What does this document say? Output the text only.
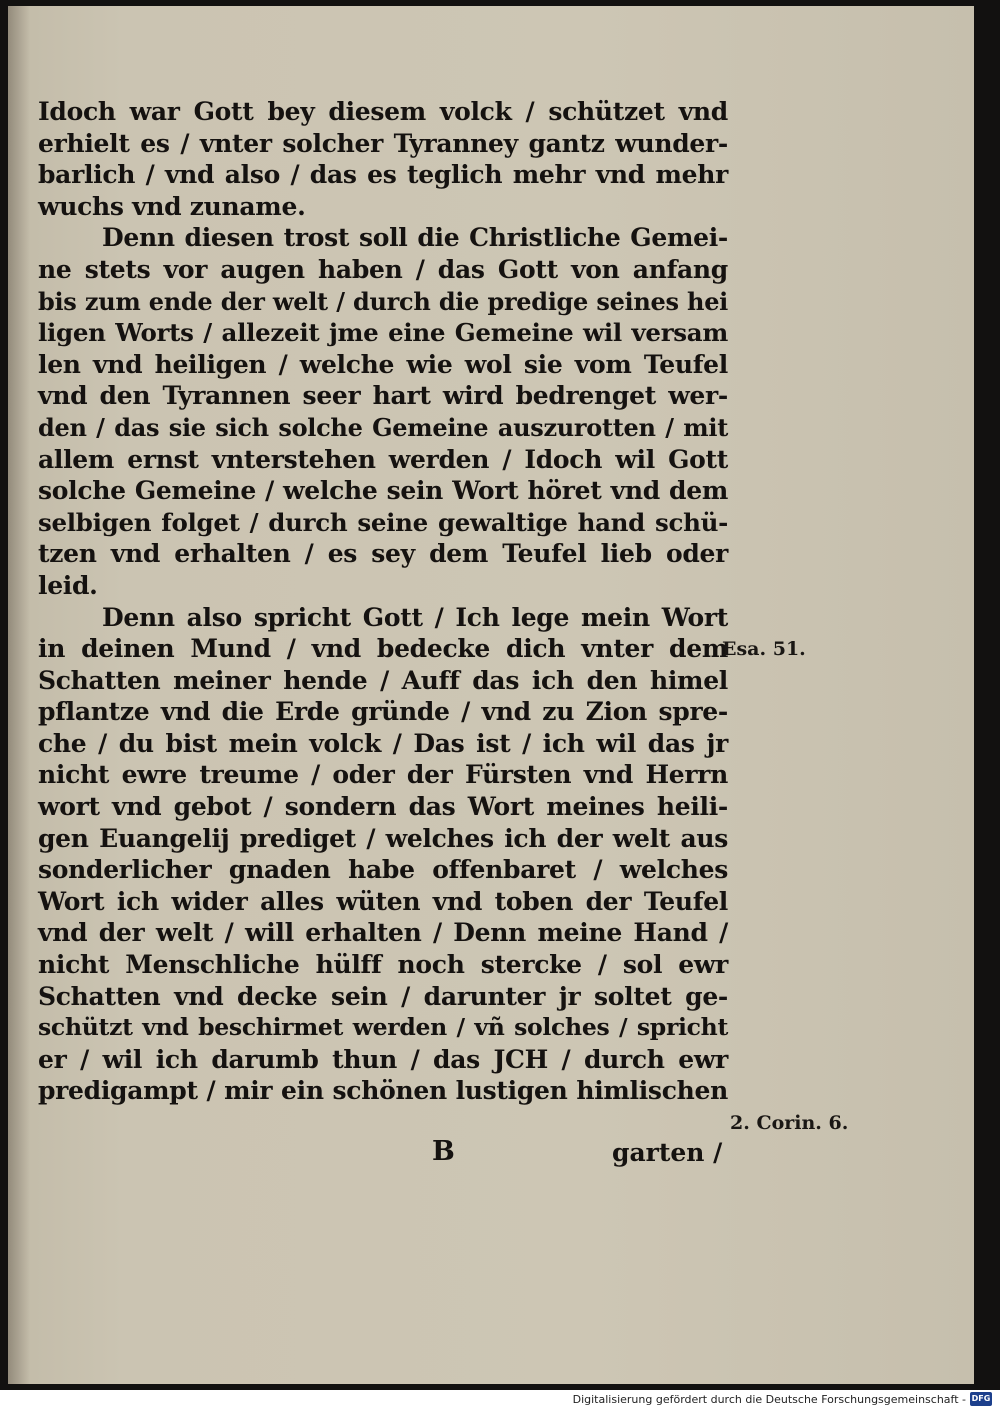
Idoch war Gott bey diesem volck / schützet vnd
erhielt es / vnter solcher Tyranney gantz wunder-
barlich / vnd also / das es teglich mehr vnd mehr
wuchs vnd zuname.
Denn diesen trost soll die Christliche Gemei-
ne stets vor augen haben / das Gott von anfang
bis zum ende der welt / durch die predige seines hei
ligen Worts / allezeit jme eine Gemeine wil versam
len vnd heiligen / welche wie wol sie vom Teufel
vnd den Tyrannen seer hart wird bedrenget wer-
den / das sie sich solche Gemeine auszurotten / mit
allem ernst vnterstehen werden / Idoch wil Gott
solche Gemeine / welche sein Wort höret vnd dem
selbigen folget / durch seine gewaltige hand schü-
tzen vnd erhalten / es sey dem Teufel lieb oder
leid.
Denn also spricht Gott / Ich lege mein Wort
in deinen Mund / vnd bedecke dich vnter dem
Schatten meiner hende / Auff das ich den himel
pflantze vnd die Erde gründe / vnd zu Zion spre-
che / du bist mein volck / Das ist / ich wil das jr
nicht ewre treume / oder der Fürsten vnd Herrn
wort vnd gebot / sondern das Wort meines heili-
gen Euangelij prediget / welches ich der welt aus
sonderlicher gnaden habe offenbaret / welches
Wort ich wider alles wüten vnd toben der Teufel
vnd der welt / will erhalten / Denn meine Hand /
nicht Menschliche hülff noch stercke / sol ewr
Schatten vnd decke sein / darunter jr soltet ge-
schützt vnd beschirmet werden / vñ solches / spricht
er / wil ich darumb thun / das JCH / durch ewr
predigampt / mir ein schönen lustigen himlischen
Esa. 51.
2. Corin. 6.
B	garten /
Digitalisierung gefördert durch die Deutsche Forschungsgemeinschaft - DFG
